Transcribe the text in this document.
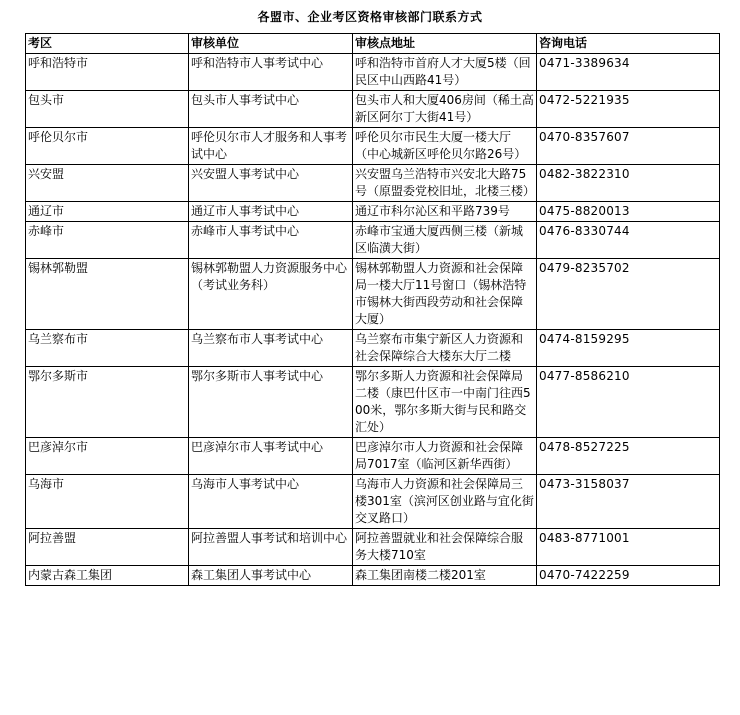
各盟市、企业考区资格审核部门联系方式
考区	审核单位	审核点地址	咨询电话
呼和浩特市	呼和浩特市人事考试中心	呼和浩特市首府人才大厦5楼（回民区中山西路41号）	0471-3389634
包头市	包头市人事考试中心	包头市人和大厦406房间（稀土高新区阿尔丁大街41号）	0472-5221935
呼伦贝尔市	呼伦贝尔市人才服务和人事考试中心	呼伦贝尔市民生大厦一楼大厅（中心城新区呼伦贝尔路26号）	0470-8357607
兴安盟	兴安盟人事考试中心	兴安盟乌兰浩特市兴安北大路75号（原盟委党校旧址，北楼三楼）	0482-3822310
通辽市	通辽市人事考试中心	通辽市科尔沁区和平路739号	0475-8820013
赤峰市	赤峰市人事考试中心	赤峰市宝通大厦西侧三楼（新城区临潢大街）	0476-8330744
锡林郭勒盟	锡林郭勒盟人力资源服务中心（考试业务科）	锡林郭勒盟人力资源和社会保障局一楼大厅11号窗口（锡林浩特市锡林大街西段劳动和社会保障大厦）	0479-8235702
乌兰察布市	乌兰察布市人事考试中心	乌兰察布市集宁新区人力资源和社会保障综合大楼东大厅二楼	0474-8159295
鄂尔多斯市	鄂尔多斯市人事考试中心	鄂尔多斯人力资源和社会保障局二楼（康巴什区市一中南门往西500米，鄂尔多斯大街与民和路交汇处）	0477-8586210
巴彦淖尔市	巴彦淖尔市人事考试中心	巴彦淖尔市人力资源和社会保障局7017室（临河区新华西街）	0478-8527225
乌海市	乌海市人事考试中心	乌海市人力资源和社会保障局三楼301室（滨河区创业路与宜化街交叉路口）	0473-3158037
阿拉善盟	阿拉善盟人事考试和培训中心	阿拉善盟就业和社会保障综合服务大楼710室	0483-8771001
内蒙古森工集团	森工集团人事考试中心	森工集团南楼二楼201室	0470-7422259
